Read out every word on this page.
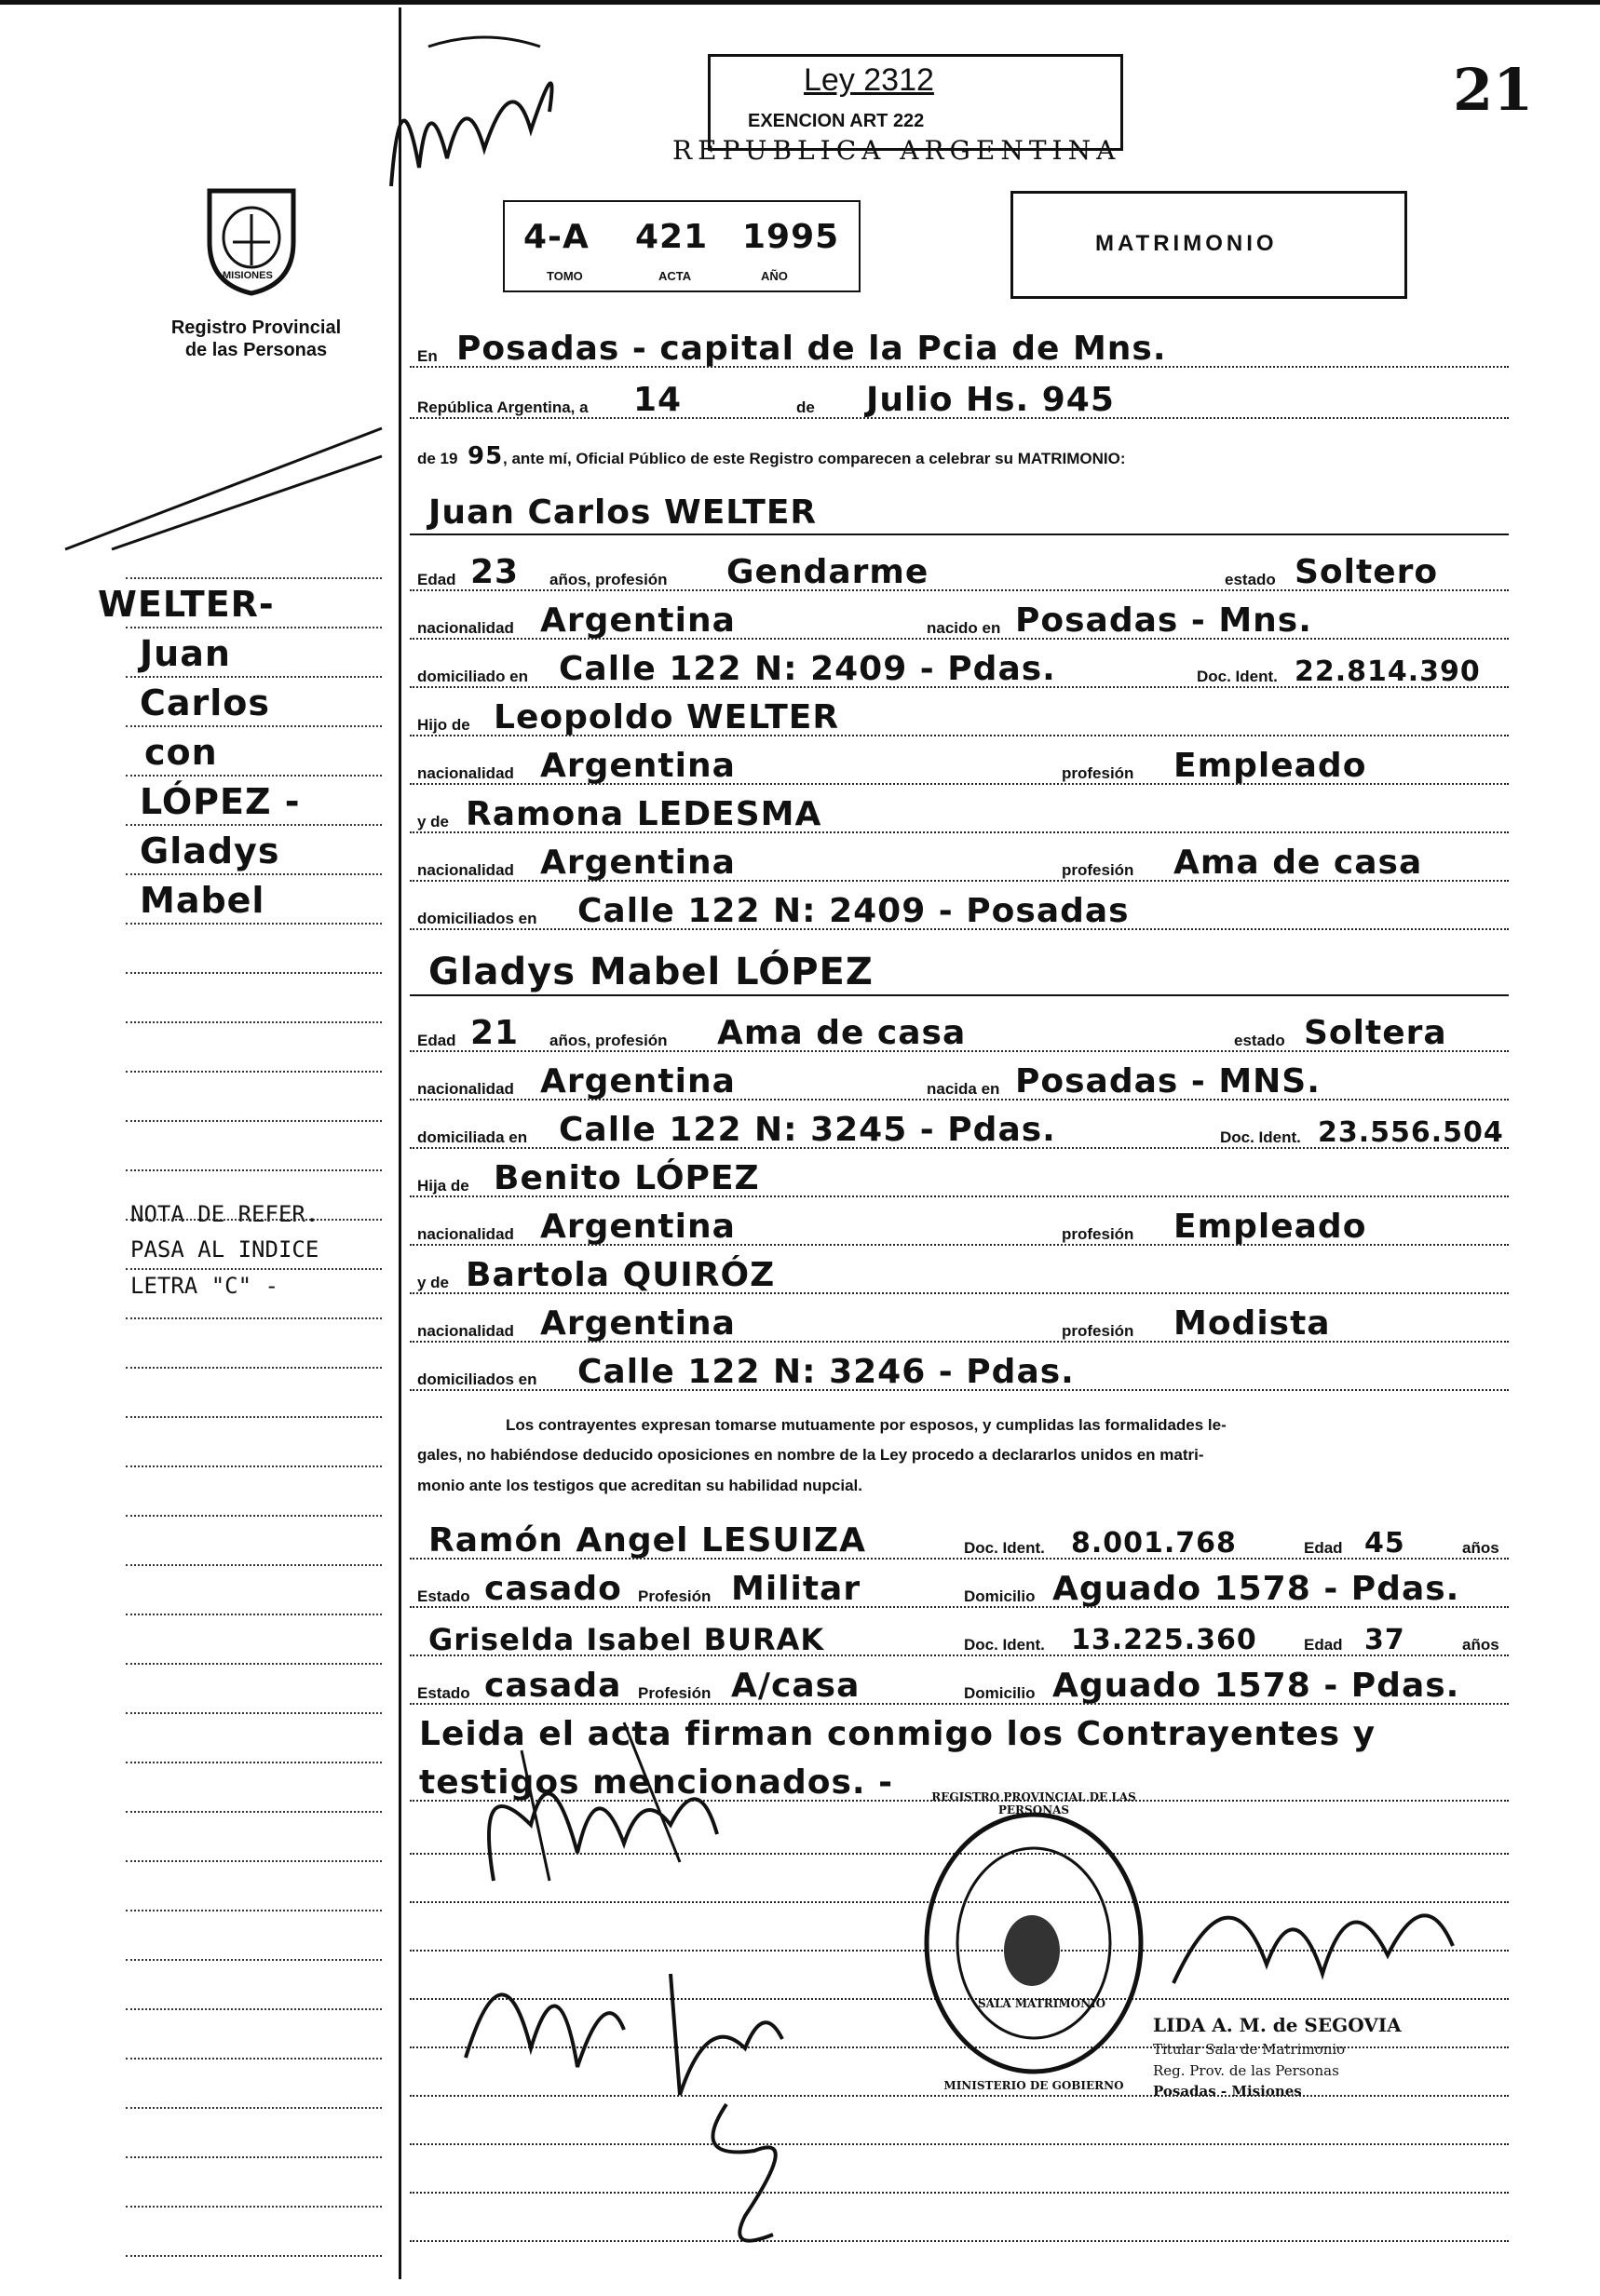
21
Ley 2312
EXENCION ART 222
REPUBLICA ARGENTINA
MISIONES
Registro Provincial
de las Personas
4-A 421 1995
TOMO	ACTA	AÑO
MATRIMONIO
En Posadas - capital de la Pcia de Mns.
República Argentina, a 14	de Julio Hs. 945
de 19 95 , ante mí, Oficial Público de este Registro comparecen a celebrar su MATRIMONIO:
Juan Carlos WELTER
Edad 23 años, profesión Gendarme	estado Soltero
nacionalidad Argentina	nacido en Posadas - Mns.
domiciliado en Calle 122 N: 2409 - Pdas.	Doc. Ident. 22.814.390
Hijo de Leopoldo WELTER
nacionalidad Argentina	profesión Empleado
y de Ramona LEDESMA
nacionalidad Argentina	profesión Ama de casa
domiciliados en Calle 122 N: 2409 - Posadas
Gladys Mabel LÓPEZ
Edad 21 años, profesión Ama de casa	estado Soltera
nacionalidad Argentina	nacida en Posadas - MNS.
domiciliada en Calle 122 N: 3245 - Pdas.	Doc. Ident. 23.556.504
Hija de Benito LÓPEZ
nacionalidad Argentina	profesión Empleado
y de Bartola QUIRÓZ
nacionalidad Argentina	profesión Modista
domiciliados en Calle 122 N: 3246 - Pdas.
Los contrayentes expresan tomarse mutuamente por esposos, y cumplidas las formalidades le-
gales, no habiéndose deducido oposiciones en nombre de la Ley procedo a declararlos unidos en matri-
monio ante los testigos que acreditan su habilidad nupcial.
Ramón Angel LESUIZA	Doc. Ident. 8.001.768	Edad 45	años
Estado casado Profesión Militar	Domicilio Aguado 1578 - Pdas.
Griselda Isabel BURAK	Doc. Ident. 13.225.360	Edad 37	años
Estado casada Profesión A/casa	Domicilio Aguado 1578 - Pdas.
Leida el acta firman conmigo los Contrayentes y
testigos mencionados. -
WELTER-
Juan
Carlos
con
LÓPEZ -
Gladys
Mabel
NOTA DE REFER.
PASA AL INDICE
LETRA "C" -
REGISTRO PROVINCIAL DE LAS PERSONAS
SALA MATRIMONIO
MINISTERIO DE GOBIERNO
LIDA A. M. de SEGOVIA
Titular Sala de Matrimonio
Reg. Prov. de las Personas
Posadas - Misiones
